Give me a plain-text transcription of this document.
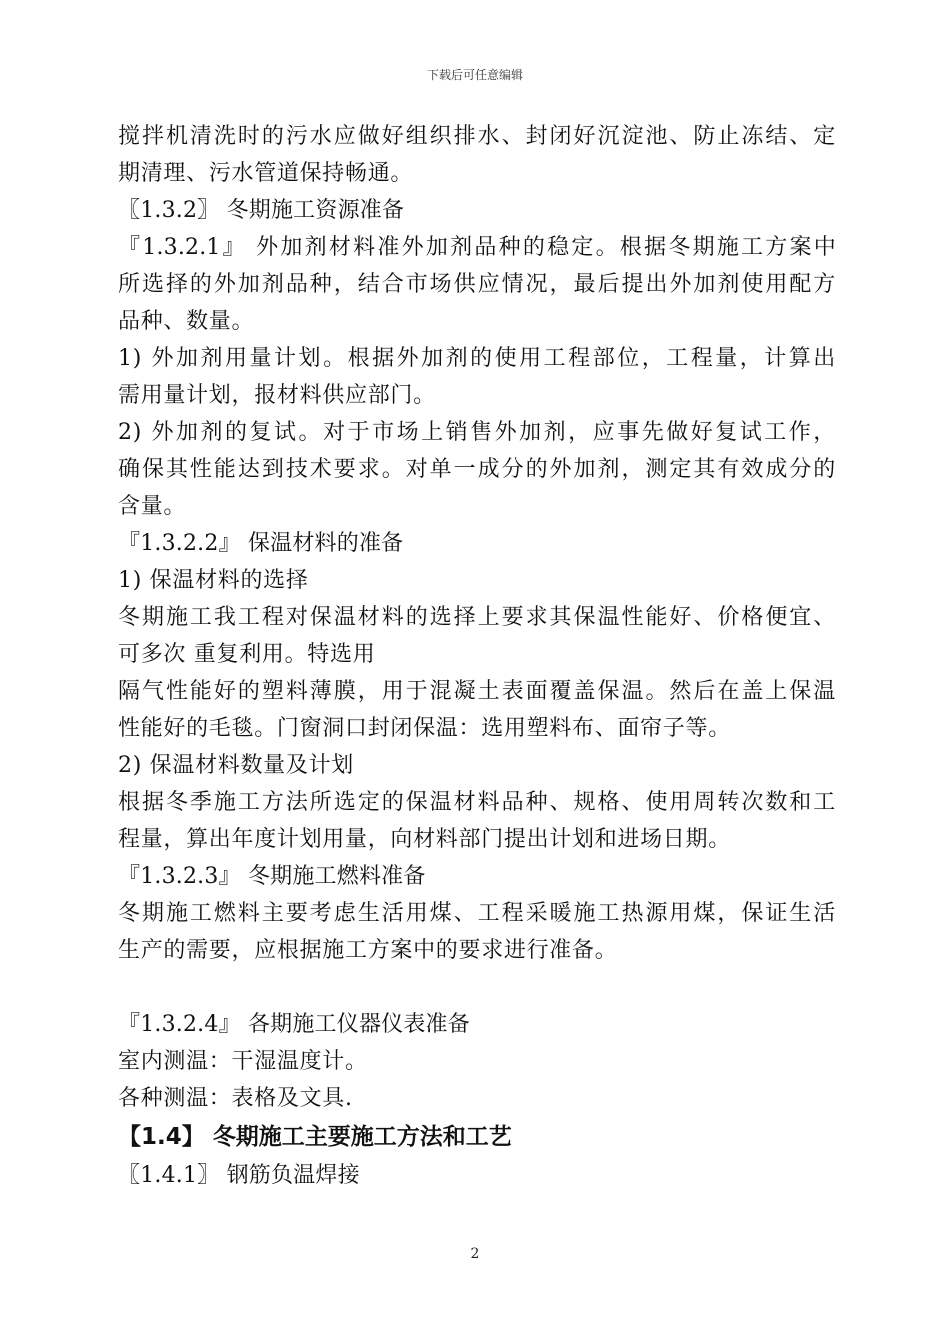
下载后可任意编辑
搅拌机清洗时的污水应做好组织排水、封闭好沉淀池、防止冻结、定
期清理、污水管道保持畅通。
〖1.3.2〗 冬期施工资源准备
『1.3.2.1』 外加剂材料准外加剂品种的稳定。根据冬期施工方案中
所选择的外加剂品种，结合市场供应情况，最后提出外加剂使用配方
品种、数量。
1) 外加剂用量计划。根据外加剂的使用工程部位，工程量，计算出
需用量计划，报材料供应部门。
2) 外加剂的复试。对于市场上销售外加剂，应事先做好复试工作，
确保其性能达到技术要求。对单一成分的外加剂，测定其有效成分的
含量。
『1.3.2.2』 保温材料的准备
1) 保温材料的选择
冬期施工我工程对保温材料的选择上要求其保温性能好、价格便宜、
可多次 重复利用。特选用
隔气性能好的塑料薄膜，用于混凝土表面覆盖保温。然后在盖上保温
性能好的毛毯。门窗洞口封闭保温：选用塑料布、面帘子等。
2) 保温材料数量及计划
根据冬季施工方法所选定的保温材料品种、规格、使用周转次数和工
程量，算出年度计划用量，向材料部门提出计划和进场日期。
『1.3.2.3』 冬期施工燃料准备
冬期施工燃料主要考虑生活用煤、工程采暖施工热源用煤，保证生活
生产的需要，应根据施工方案中的要求进行准备。
『1.3.2.4』 各期施工仪器仪表准备
室内测温：干湿温度计。
各种测温：表格及文具.
【1.4】 冬期施工主要施工方法和工艺
〖1.4.1〗 钢筋负温焊接
2
